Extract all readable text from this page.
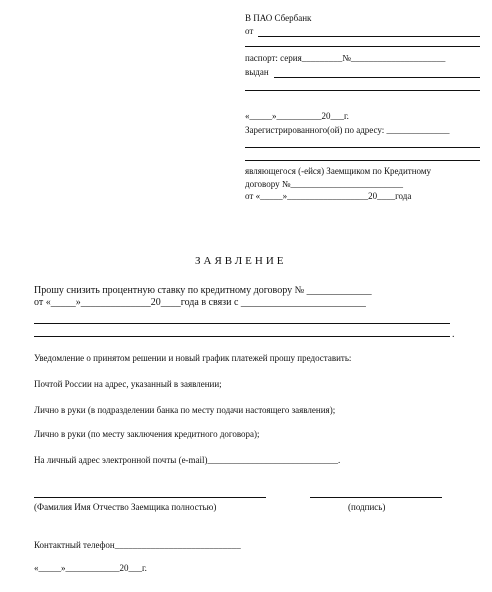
В ПАО Сбербанк
от
паспорт: серия_________№_____________________
выдан
«_____»__________20___г.
Зарегистрированного(ой) по адресу: ______________
являющегося (-ейся) Заемщиком по Кредитному
договору №_________________________
от «_____»__________________20____года
ЗАЯВЛЕНИЕ
Прошу снизить процентную ставку по кредитному договору № _____________
от «_____»______________20____года в связи с _________________________
.
Уведомление о принятом решении и новый график платежей прошу предоставить:
Почтой России на адрес, указанный в заявлении;
Лично в руки (в подразделении банка по месту подачи настоящего заявления);
Лично в руки (по месту заключения кредитного договора);
На личный адрес электронной почты (e-mail)_____________________________.
(Фамилия Имя Отчество Заемщика полностью)	(подпись)
Контактный телефон____________________________
«_____»____________20___г.
